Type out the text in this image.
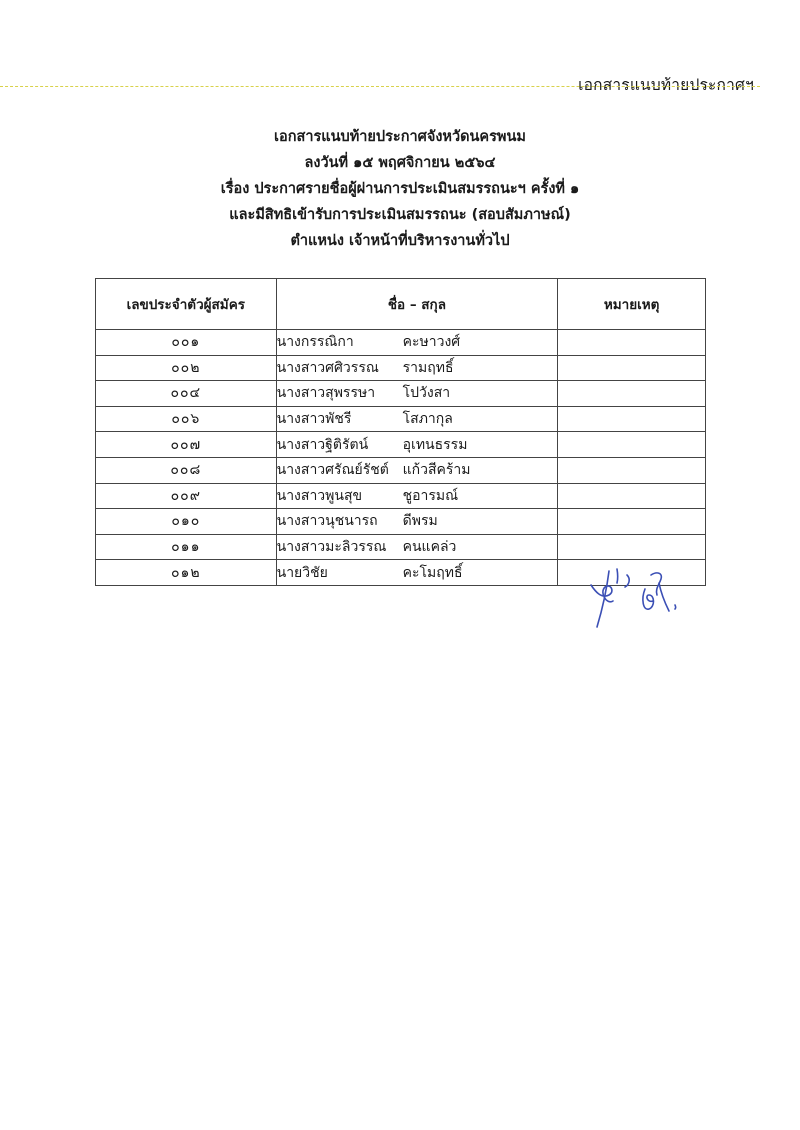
เอกสารแนบท้ายประกาศฯ
เอกสารแนบท้ายประกาศจังหวัดนครพนม
ลงวันที่ ๑๕ พฤศจิกายน ๒๕๖๔
เรื่อง ประกาศรายชื่อผู้ผ่านการประเมินสมรรถนะฯ ครั้งที่ ๑
และมีสิทธิเข้ารับการประเมินสมรรถนะ (สอบสัมภาษณ์)
ตำแหน่ง เจ้าหน้าที่บริหารงานทั่วไป
เลขประจำตัวผู้สมัคร	ชื่อ – สกุล	หมายเหตุ
๐๐๑	นางกรรณิกา คะษาวงศ์	
๐๐๒	นางสาวศศิวรรณ รามฤทธิ์	
๐๐๔	นางสาวสุพรรษา โปวังสา	
๐๐๖	นางสาวพัชรี โสภากุล	
๐๐๗	นางสาวฐิติรัตน์ อุเทนธรรม	
๐๐๘	นางสาวศรัณย์รัชต์ แก้วสีคร้าม	
๐๐๙	นางสาวพูนสุข ชูอารมณ์	
๐๑๐	นางสาวนุชนารถ ดีพรม	
๐๑๑	นางสาวมะลิวรรณ คนแคล่ว	
๐๑๒	นายวิชัย คะโมฤทธิ์	
